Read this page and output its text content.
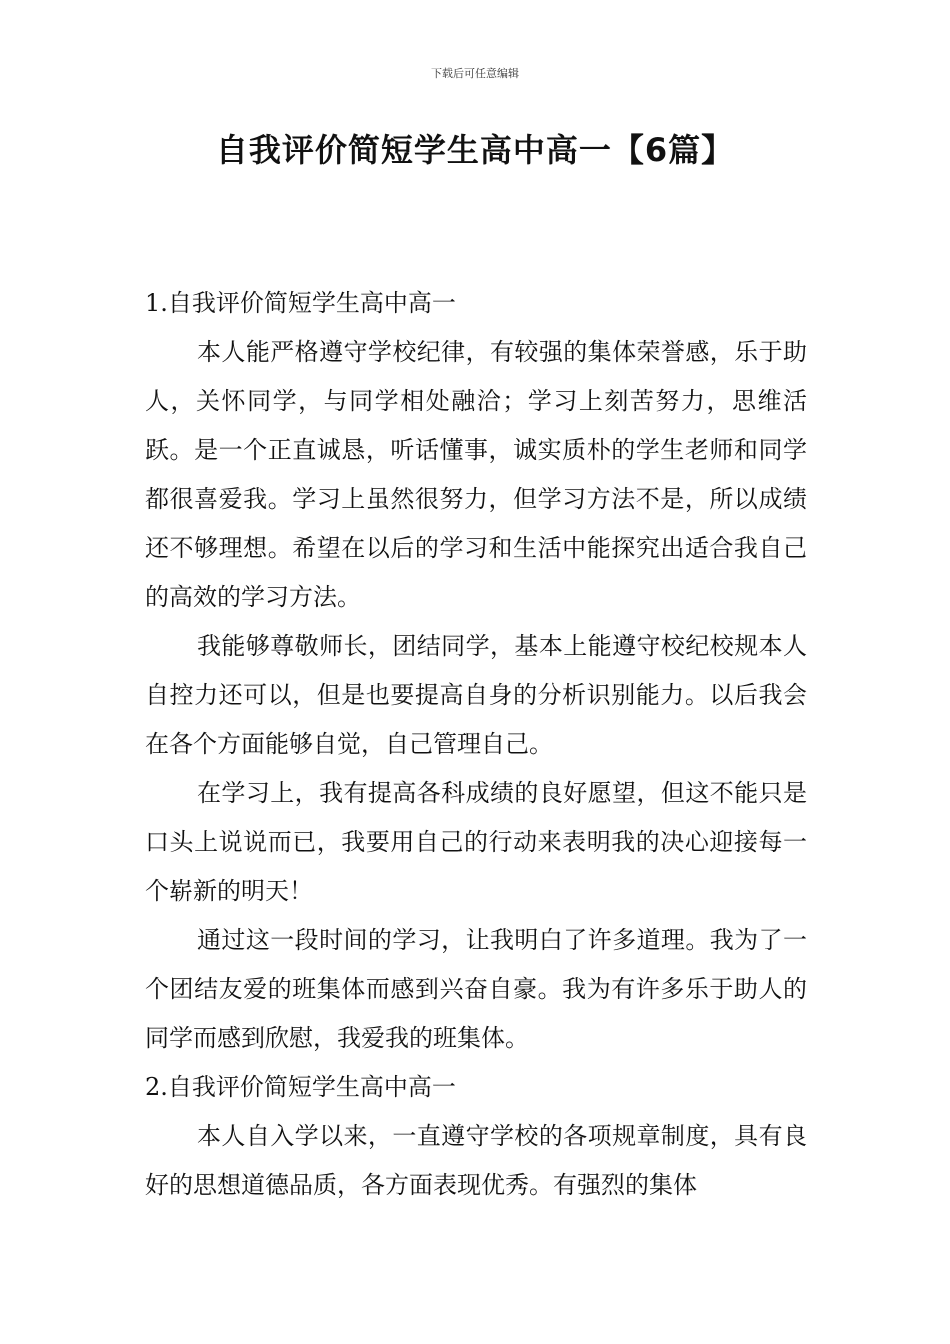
下载后可任意编辑
自我评价简短学生高中高一【6篇】

1.自我评价简短学生高中高一

本人能严格遵守学校纪律，有较强的集体荣誉感，乐于助人，关怀同学，与同学相处融洽；学习上刻苦努力，思维活跃。是一个正直诚恳，听话懂事，诚实质朴的学生老师和同学都很喜爱我。学习上虽然很努力，但学习方法不是，所以成绩还不够理想。希望在以后的学习和生活中能探究出适合我自己的高效的学习方法。

我能够尊敬师长，团结同学，基本上能遵守校纪校规本人自控力还可以，但是也要提高自身的分析识别能力。以后我会在各个方面能够自觉，自己管理自己。

在学习上，我有提高各科成绩的良好愿望，但这不能只是口头上说说而已，我要用自己的行动来表明我的决心迎接每一个崭新的明天！

通过这一段时间的学习，让我明白了许多道理。我为了一个团结友爱的班集体而感到兴奋自豪。我为有许多乐于助人的同学而感到欣慰，我爱我的班集体。

2.自我评价简短学生高中高一

本人自入学以来，一直遵守学校的各项规章制度，具有良好的思想道德品质，各方面表现优秀。有强烈的集体
